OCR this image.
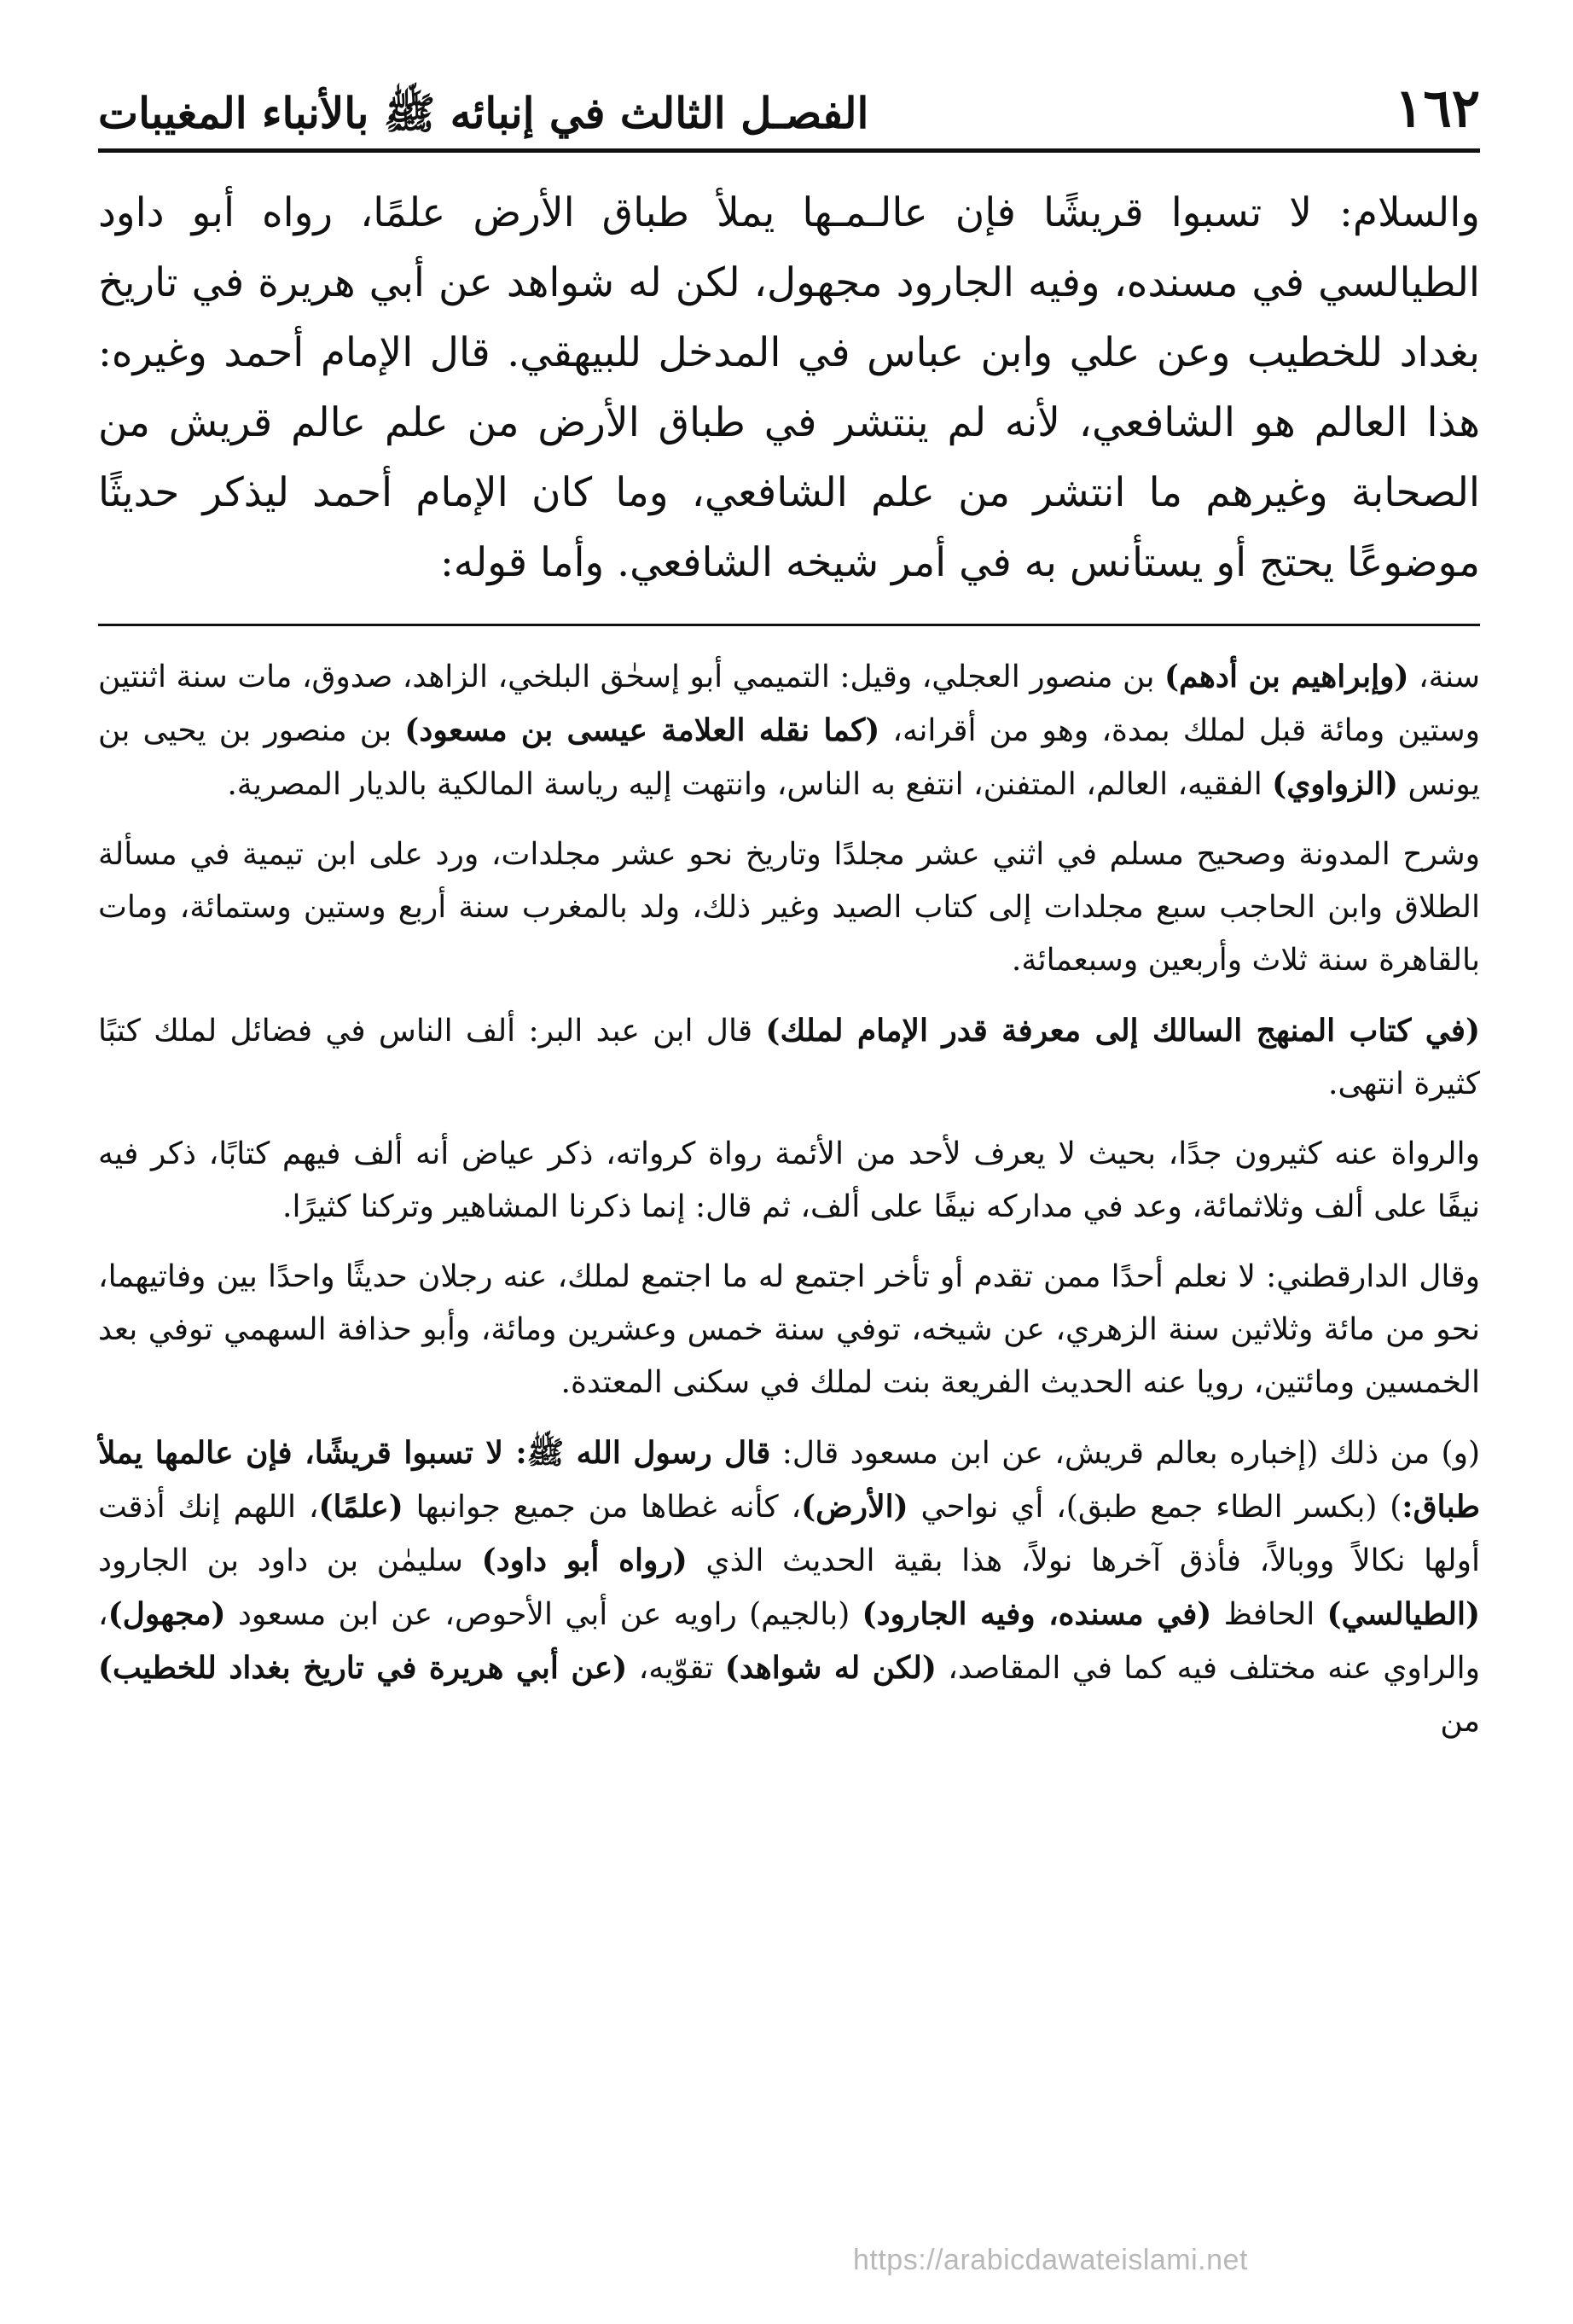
١٦٢
الفصـل الثالث في إنبائه ﷺ بالأنباء المغيبات
والسلام: لا تسبوا قريشًا فإن عالـمـها يملأ طباق الأرض علمًا، رواه أبو داود الطيالسي في مسنده، وفيه الجارود مجهول، لكن له شواهد عن أبي هريرة في تاريخ بغداد للخطيب وعن علي وابن عباس في المدخل للبيهقي. قال الإمام أحمد وغيره: هذا العالم هو الشافعي، لأنه لم ينتشر في طباق الأرض من علم عالم قريش من الصحابة وغيرهم ما انتشر من علم الشافعي، وما كان الإمام أحمد ليذكر حديثًا موضوعًا يحتج أو يستأنس به في أمر شيخه الشافعي. وأما قوله:

سنة، (وإبراهيم بن أدهم) بن منصور العجلي، وقيل: التميمي أبو إسحٰق البلخي، الزاهد، صدوق، مات سنة اثنتين وستين ومائة قبل لملك بمدة، وهو من أقرانه، (كما نقله العلامة عيسى بن مسعود) بن منصور بن يحيى بن يونس (الزواوي) الفقيه، العالم، المتفنن، انتفع به الناس، وانتهت إليه رياسة المالكية بالديار المصرية.

وشرح المدونة وصحيح مسلم في اثني عشر مجلدًا وتاريخ نحو عشر مجلدات، ورد على ابن تيمية في مسألة الطلاق وابن الحاجب سبع مجلدات إلى كتاب الصيد وغير ذلك، ولد بالمغرب سنة أربع وستين وستمائة، ومات بالقاهرة سنة ثلاث وأربعين وسبعمائة.

(في كتاب المنهج السالك إلى معرفة قدر الإمام لملك) قال ابن عبد البر: ألف الناس في فضائل لملك كتبًا كثيرة انتهى.

والرواة عنه كثيرون جدًا، بحيث لا يعرف لأحد من الأئمة رواة كرواته، ذكر عياض أنه ألف فيهم كتابًا، ذكر فيه نيفًا على ألف وثلاثمائة، وعد في مداركه نيفًا على ألف، ثم قال: إنما ذكرنا المشاهير وتركنا كثيرًا.

وقال الدارقطني: لا نعلم أحدًا ممن تقدم أو تأخر اجتمع له ما اجتمع لملك، عنه رجلان حديثًا واحدًا بين وفاتيهما، نحو من مائة وثلاثين سنة الزهري، عن شيخه، توفي سنة خمس وعشرين ومائة، وأبو حذافة السهمي توفي بعد الخمسين ومائتين، رويا عنه الحديث الفريعة بنت لملك في سكنى المعتدة.

(و) من ذلك (إخباره بعالم قريش، عن ابن مسعود قال: قال رسول الله ﷺ: لا تسبوا قريشًا، فإن عالمها يملأ طباق:) (بكسر الطاء جمع طبق)، أي نواحي (الأرض)، كأنه غطاها من جميع جوانبها (علمًا)، اللهم إنك أذقت أولها نكالاً ووبالاً، فأذق آخرها نولاً، هذا بقية الحديث الذي (رواه أبو داود) سليمٰن بن داود بن الجارود (الطيالسي) الحافظ (في مسنده، وفيه الجارود) (بالجيم) راويه عن أبي الأحوص، عن ابن مسعود (مجهول)، والراوي عنه مختلف فيه كما في المقاصد، (لكن له شواهد) تقوّيه، (عن أبي هريرة في تاريخ بغداد للخطيب) من

https://arabicdawateislami.net
